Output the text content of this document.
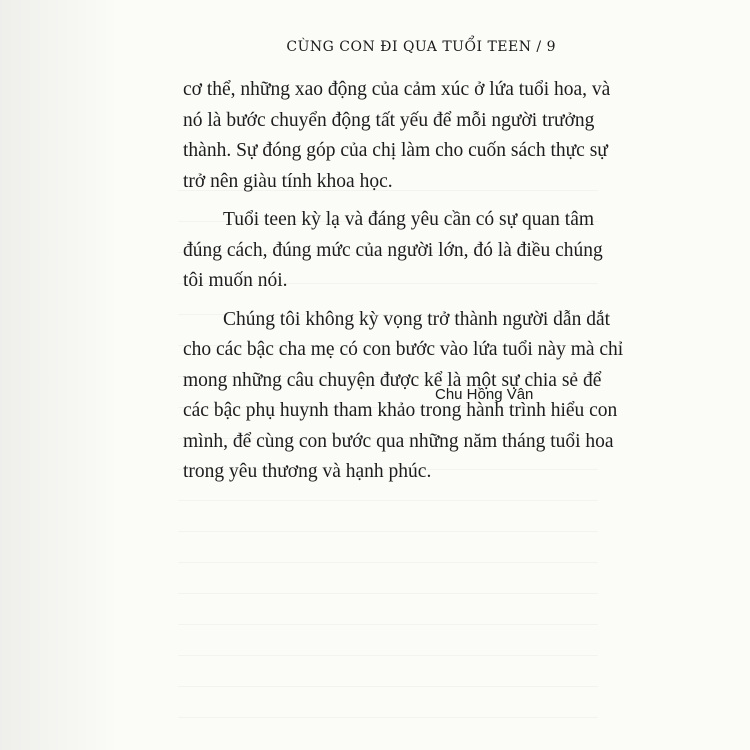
CÙNG CON ĐI QUA TUỔI TEEN / 9
cơ thể, những xao động của cảm xúc ở lứa tuổi hoa, và
nó là bước chuyển động tất yếu để mỗi người trưởng
thành. Sự đóng góp của chị làm cho cuốn sách thực sự
trở nên giàu tính khoa học.
Tuổi teen kỳ lạ và đáng yêu cần có sự quan tâm
đúng cách, đúng mức của người lớn, đó là điều chúng
tôi muốn nói.
Chúng tôi không kỳ vọng trở thành người dẫn dắt
cho các bậc cha mẹ có con bước vào lứa tuổi này mà chỉ
mong những câu chuyện được kể là một sự chia sẻ để
các bậc phụ huynh tham khảo trong hành trình hiểu con
mình, để cùng con bước qua những năm tháng tuổi hoa
trong yêu thương và hạnh phúc.
Chu Hồng Vân
